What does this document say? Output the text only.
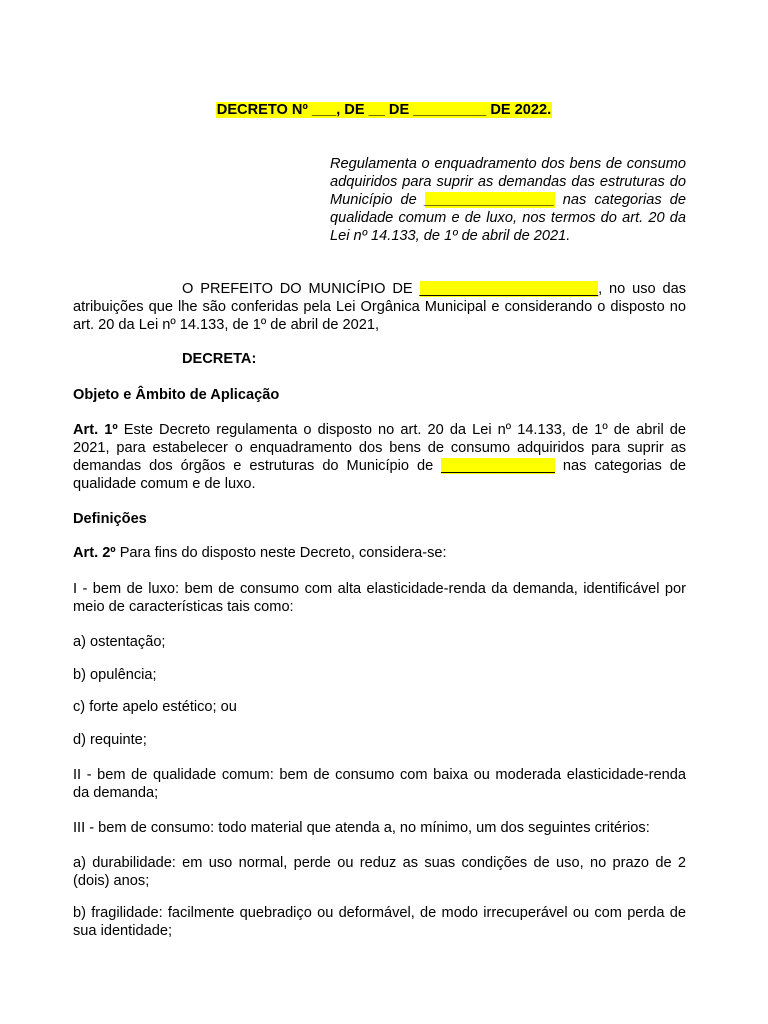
DECRETO Nº ___, DE __ DE _________ DE 2022.
Regulamenta o enquadramento dos bens de consumo adquiridos para suprir as demandas das estruturas do Município de ________________ nas categorias de qualidade comum e de luxo, nos termos do art. 20 da Lei nº 14.133, de 1º de abril de 2021.
O PREFEITO DO MUNICÍPIO DE ______________________, no uso das atribuições que lhe são conferidas pela Lei Orgânica Municipal e considerando o disposto no art. 20 da Lei nº 14.133, de 1º de abril de 2021,
DECRETA:
Objeto e Âmbito de Aplicação
Art. 1º Este Decreto regulamenta o disposto no art. 20 da Lei nº 14.133, de 1º de abril de 2021, para estabelecer o enquadramento dos bens de consumo adquiridos para suprir as demandas dos órgãos e estruturas do Município de ______________ nas categorias de qualidade comum e de luxo.
Definições
Art. 2º Para fins do disposto neste Decreto, considera-se:
I - bem de luxo: bem de consumo com alta elasticidade-renda da demanda, identificável por meio de características tais como:
a) ostentação;
b) opulência;
c) forte apelo estético; ou
d) requinte;
II - bem de qualidade comum: bem de consumo com baixa ou moderada elasticidade-renda da demanda;
III - bem de consumo: todo material que atenda a, no mínimo, um dos seguintes critérios:
a) durabilidade: em uso normal, perde ou reduz as suas condições de uso, no prazo de 2 (dois) anos;
b) fragilidade: facilmente quebradiço ou deformável, de modo irrecuperável ou com perda de sua identidade;
